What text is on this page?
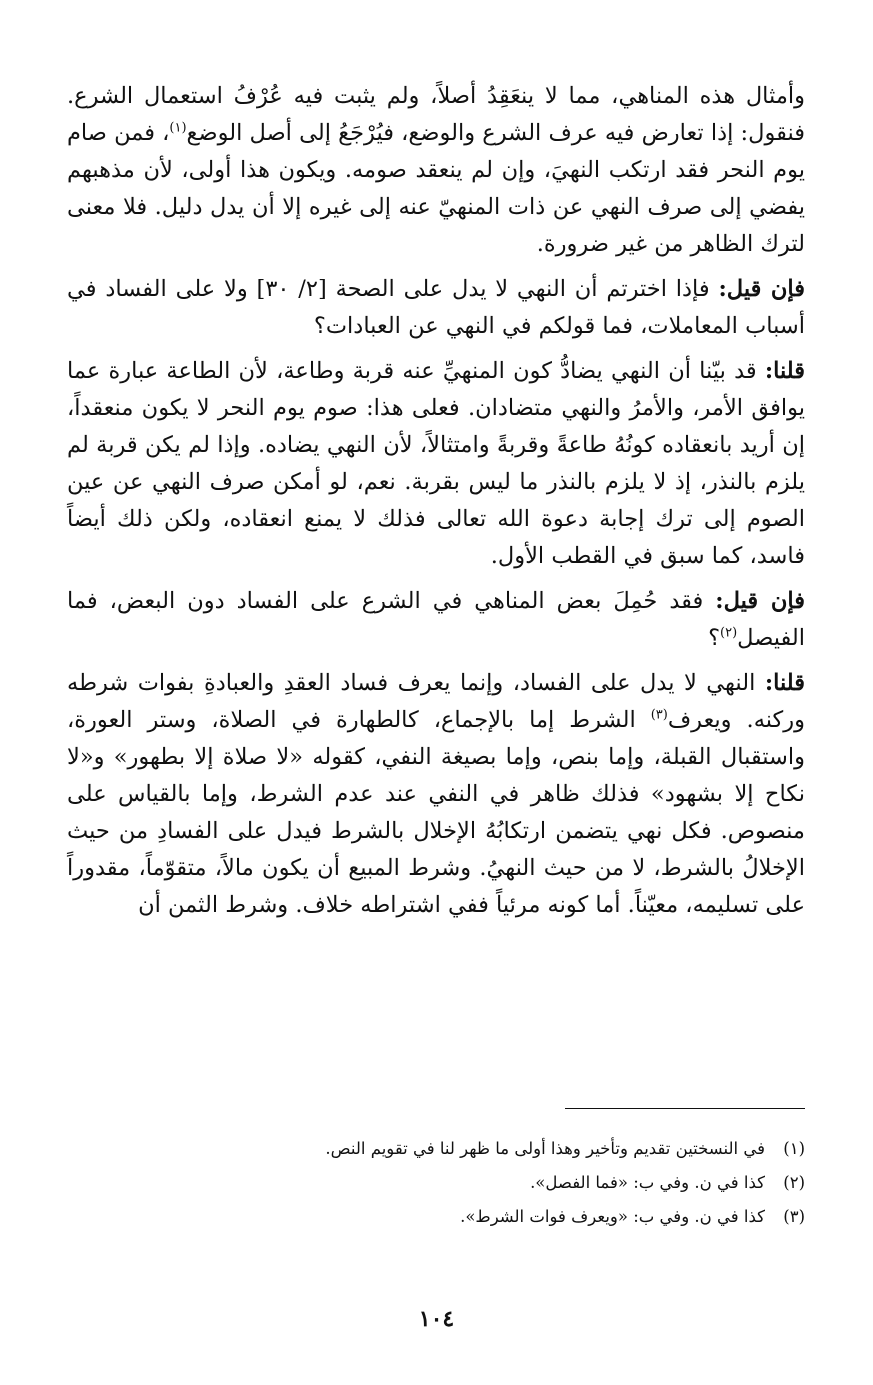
وأمثال هذه المناهي، مما لا ينعَقِدُ أصلاً، ولم يثبت فيه عُرْفُ استعمال الشرع. فنقول: إذا تعارض فيه عرف الشرع والوضع، فيُرْجَعُ إلى أصل الوضع$^{(١)}$، فمن صام يوم النحر فقد ارتكب النهيَ، وإن لم ينعقد صومه. ويكون هذا أولى، لأن مذهبهم يفضي إلى صرف النهي عن ذات المنهيّ عنه إلى غيره إلا أن يدل دليل. فلا معنى لترك الظاهر من غير ضرورة.

فإن قيل: فإذا اخترتم أن النهي لا يدل على الصحة [٢/ ٣٠] ولا على الفساد في أسباب المعاملات، فما قولكم في النهي عن العبادات؟

قلنا: قد بيّنا أن النهي يضادُّ كون المنهيِّ عنه قربة وطاعة، لأن الطاعة عبارة عما يوافق الأمر، والأمرُ والنهي متضادان. فعلى هذا: صوم يوم النحر لا يكون منعقداً، إن أريد بانعقاده كونُهُ طاعةً وقربةً وامتثالاً، لأن النهي يضاده. وإذا لم يكن قربة لم يلزم بالنذر، إذ لا يلزم بالنذر ما ليس بقربة. نعم، لو أمكن صرف النهي عن عين الصوم إلى ترك إجابة دعوة الله تعالى فذلك لا يمنع انعقاده، ولكن ذلك أيضاً فاسد، كما سبق في القطب الأول.

فإن قيل: فقد حُمِلَ بعض المناهي في الشرع على الفساد دون البعض، فما الفيصل$^{(٢)}$؟

قلنا: النهي لا يدل على الفساد، وإنما يعرف فساد العقدِ والعبادةِ بفوات شرطه وركنه. ويعرف$^{(٣)}$ الشرط إما بالإجماع، كالطهارة في الصلاة، وستر العورة، واستقبال القبلة، وإما بنص، وإما بصيغة النفي، كقوله «لا صلاة إلا بطهور» و«لا نكاح إلا بشهود» فذلك ظاهر في النفي عند عدم الشرط، وإما بالقياس على منصوص. فكل نهي يتضمن ارتكابُهُ الإخلال بالشرط فيدل على الفسادِ من حيث الإخلالُ بالشرط، لا من حيث النهيُ. وشرط المبيع أن يكون مالاً، متقوّماً، مقدوراً على تسليمه، معيّناً. أما كونه مرئياً ففي اشتراطه خلاف. وشرط الثمن أن

(١)في النسختين تقديم وتأخير وهذا أولى ما ظهر لنا في تقويم النص.
(٢)كذا في ن. وفي ب: «فما الفصل».
(٣)كذا في ن. وفي ب: «ويعرف فوات الشرط».
١٠٤
